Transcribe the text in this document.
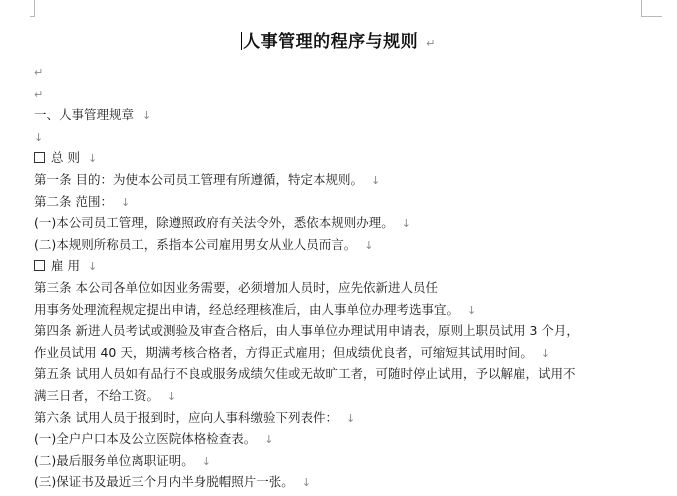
人事管理的程序与规则 ↵
↵
↵
一、人事管理规章 ↓
↓
总 则 ↓
第一条 目的：为使本公司员工管理有所遵循，特定本规则。 ↓
第二条 范围： ↓
(一)本公司员工管理，除遵照政府有关法令外，悉依本规则办理。 ↓
(二)本规则所称员工，系指本公司雇用男女从业人员而言。 ↓
雇 用 ↓
第三条 本公司各单位如因业务需要，必须增加人员时，应先依新进人员任
用事务处理流程规定提出申请，经总经理核准后，由人事单位办理考选事宜。 ↓
第四条 新进人员考试或测验及审查合格后，由人事单位办理试用申请表，原则上职员试用 3 个月，
作业员试用 40 天，期满考核合格者，方得正式雇用；但成绩优良者，可缩短其试用时间。 ↓
第五条 试用人员如有品行不良或服务成绩欠佳或无故旷工者，可随时停止试用，予以解雇，试用不
满三日者，不给工资。 ↓
第六条 试用人员于报到时，应向人事科缴验下列表件： ↓
(一)全户户口本及公立医院体格检查表。 ↓
(二)最后服务单位离职证明。 ↓
(三)保证书及最近三个月内半身脱帽照片一张。 ↓
